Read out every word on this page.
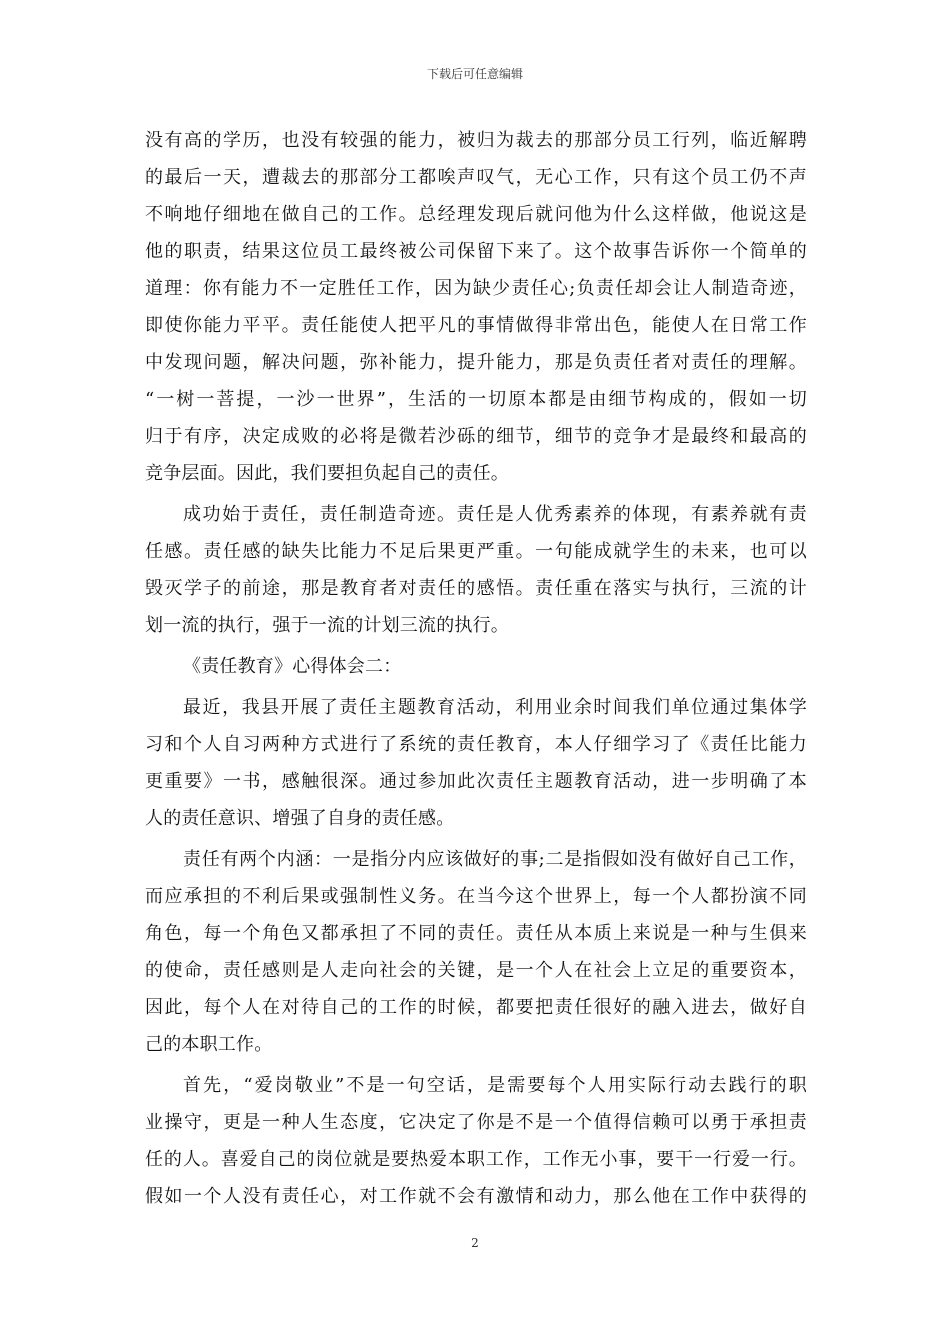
下载后可任意编辑
没有高的学历，也没有较强的能力，被归为裁去的那部分员工行列，临近解聘
的最后一天，遭裁去的那部分工都唉声叹气，无心工作，只有这个员工仍不声
不响地仔细地在做自己的工作。总经理发现后就问他为什么这样做，他说这是
他的职责，结果这位员工最终被公司保留下来了。这个故事告诉你一个简单的
道理：你有能力不一定胜任工作，因为缺少责任心;负责任却会让人制造奇迹，
即使你能力平平。责任能使人把平凡的事情做得非常出色，能使人在日常工作
中发现问题，解决问题，弥补能力，提升能力，那是负责任者对责任的理解。
“一树一菩提，一沙一世界”，生活的一切原本都是由细节构成的，假如一切
归于有序，决定成败的必将是微若沙砾的细节，细节的竞争才是最终和最高的
竞争层面。因此，我们要担负起自己的责任。
成功始于责任，责任制造奇迹。责任是人优秀素养的体现，有素养就有责
任感。责任感的缺失比能力不足后果更严重。一句能成就学生的未来，也可以
毁灭学子的前途，那是教育者对责任的感悟。责任重在落实与执行，三流的计
划一流的执行，强于一流的计划三流的执行。
《责任教育》心得体会二：
最近，我县开展了责任主题教育活动，利用业余时间我们单位通过集体学
习和个人自习两种方式进行了系统的责任教育，本人仔细学习了《责任比能力
更重要》一书，感触很深。通过参加此次责任主题教育活动，进一步明确了本
人的责任意识、增强了自身的责任感。
责任有两个内涵：一是指分内应该做好的事;二是指假如没有做好自己工作，
而应承担的不利后果或强制性义务。在当今这个世界上，每一个人都扮演不同
角色，每一个角色又都承担了不同的责任。责任从本质上来说是一种与生俱来
的使命，责任感则是人走向社会的关键，是一个人在社会上立足的重要资本，
因此，每个人在对待自己的工作的时候，都要把责任很好的融入进去，做好自
己的本职工作。
首先，“爱岗敬业”不是一句空话，是需要每个人用实际行动去践行的职
业操守，更是一种人生态度，它决定了你是不是一个值得信赖可以勇于承担责
任的人。喜爱自己的岗位就是要热爱本职工作，工作无小事，要干一行爱一行。
假如一个人没有责任心，对工作就不会有激情和动力，那么他在工作中获得的
2
